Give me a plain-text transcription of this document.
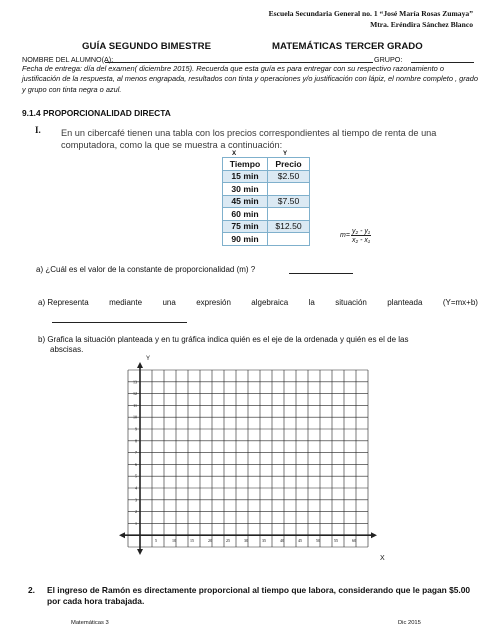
Escuela Secundaria General no. 1 “José María Rosas Zumaya”
Mtra. Eréndira Sánchez Blanco
GUÍA SEGUNDO BIMESTRE	MATEMÁTICAS TERCER GRADO
NOMBRE DEL ALUMNO(A):	GRUPO:
Fecha de entrega: día del examen( diciembre 2015). Recuerda que esta guía es para entregar con su respectivo razonamiento o justificación de la respuesta, al menos engrapada, resultados con tinta y operaciones y/o justificación con lápiz, el nombre completo , grado y grupo con tinta negra o azul.
9.1.4 PROPORCIONALIDAD DIRECTA
I. En un cibercafé tienen una tabla con los precios correspondientes al tiempo de renta de una computadora, como la que se muestra a continuación:
X	Y
Tiempo	Precio
15 min	$2.50
30 min	
45 min	$7.50
60 min	
75 min	$12.50
90 min		m=
y₂ - y₁
x₂ - x₁
a) ¿Cuál es el valor de la constante de proporcionalidad (m) ?
a) Representa	mediante	una	expresión	algebraica	la	situación	planteada	(Y=mx+b)
b) Grafica la situación planteada y en tu gráfica indica quién es el eje de la ordenada y quién es el de las
abscisas.
Y
1
2
3
4
5
6
7
8
9
10
11
12
13
5	10	15	20	25	30	35	40	45	50	55	60
X
2. El ingreso de Ramón es directamente proporcional al tiempo que labora, considerando que le pagan $5.00 por cada hora trabajada.
Matemáticas 3	Dic 2015
